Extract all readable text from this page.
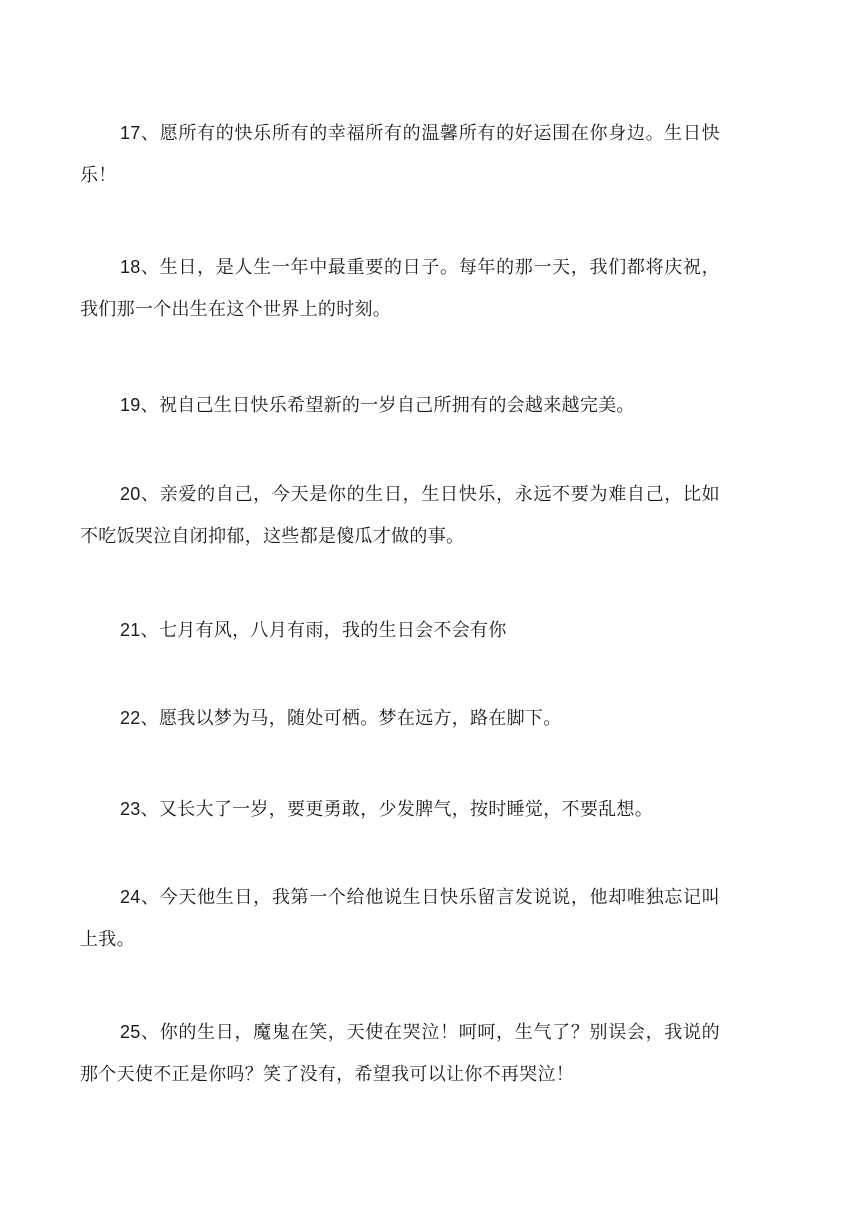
17、愿所有的快乐所有的幸福所有的温馨所有的好运围在你身边。生日快乐！

18、生日，是人生一年中最重要的日子。每年的那一天，我们都将庆祝，我们那一个出生在这个世界上的时刻。

19、祝自己生日快乐希望新的一岁自己所拥有的会越来越完美。

20、亲爱的自己，今天是你的生日，生日快乐，永远不要为难自己，比如不吃饭哭泣自闭抑郁，这些都是傻瓜才做的事。

21、七月有风，八月有雨，我的生日会不会有你

22、愿我以梦为马，随处可栖。梦在远方，路在脚下。

23、又长大了一岁，要更勇敢，少发脾气，按时睡觉，不要乱想。

24、今天他生日，我第一个给他说生日快乐留言发说说，他却唯独忘记叫上我。

25、你的生日，魔鬼在笑，天使在哭泣！呵呵，生气了？别误会，我说的那个天使不正是你吗？笑了没有，希望我可以让你不再哭泣！
